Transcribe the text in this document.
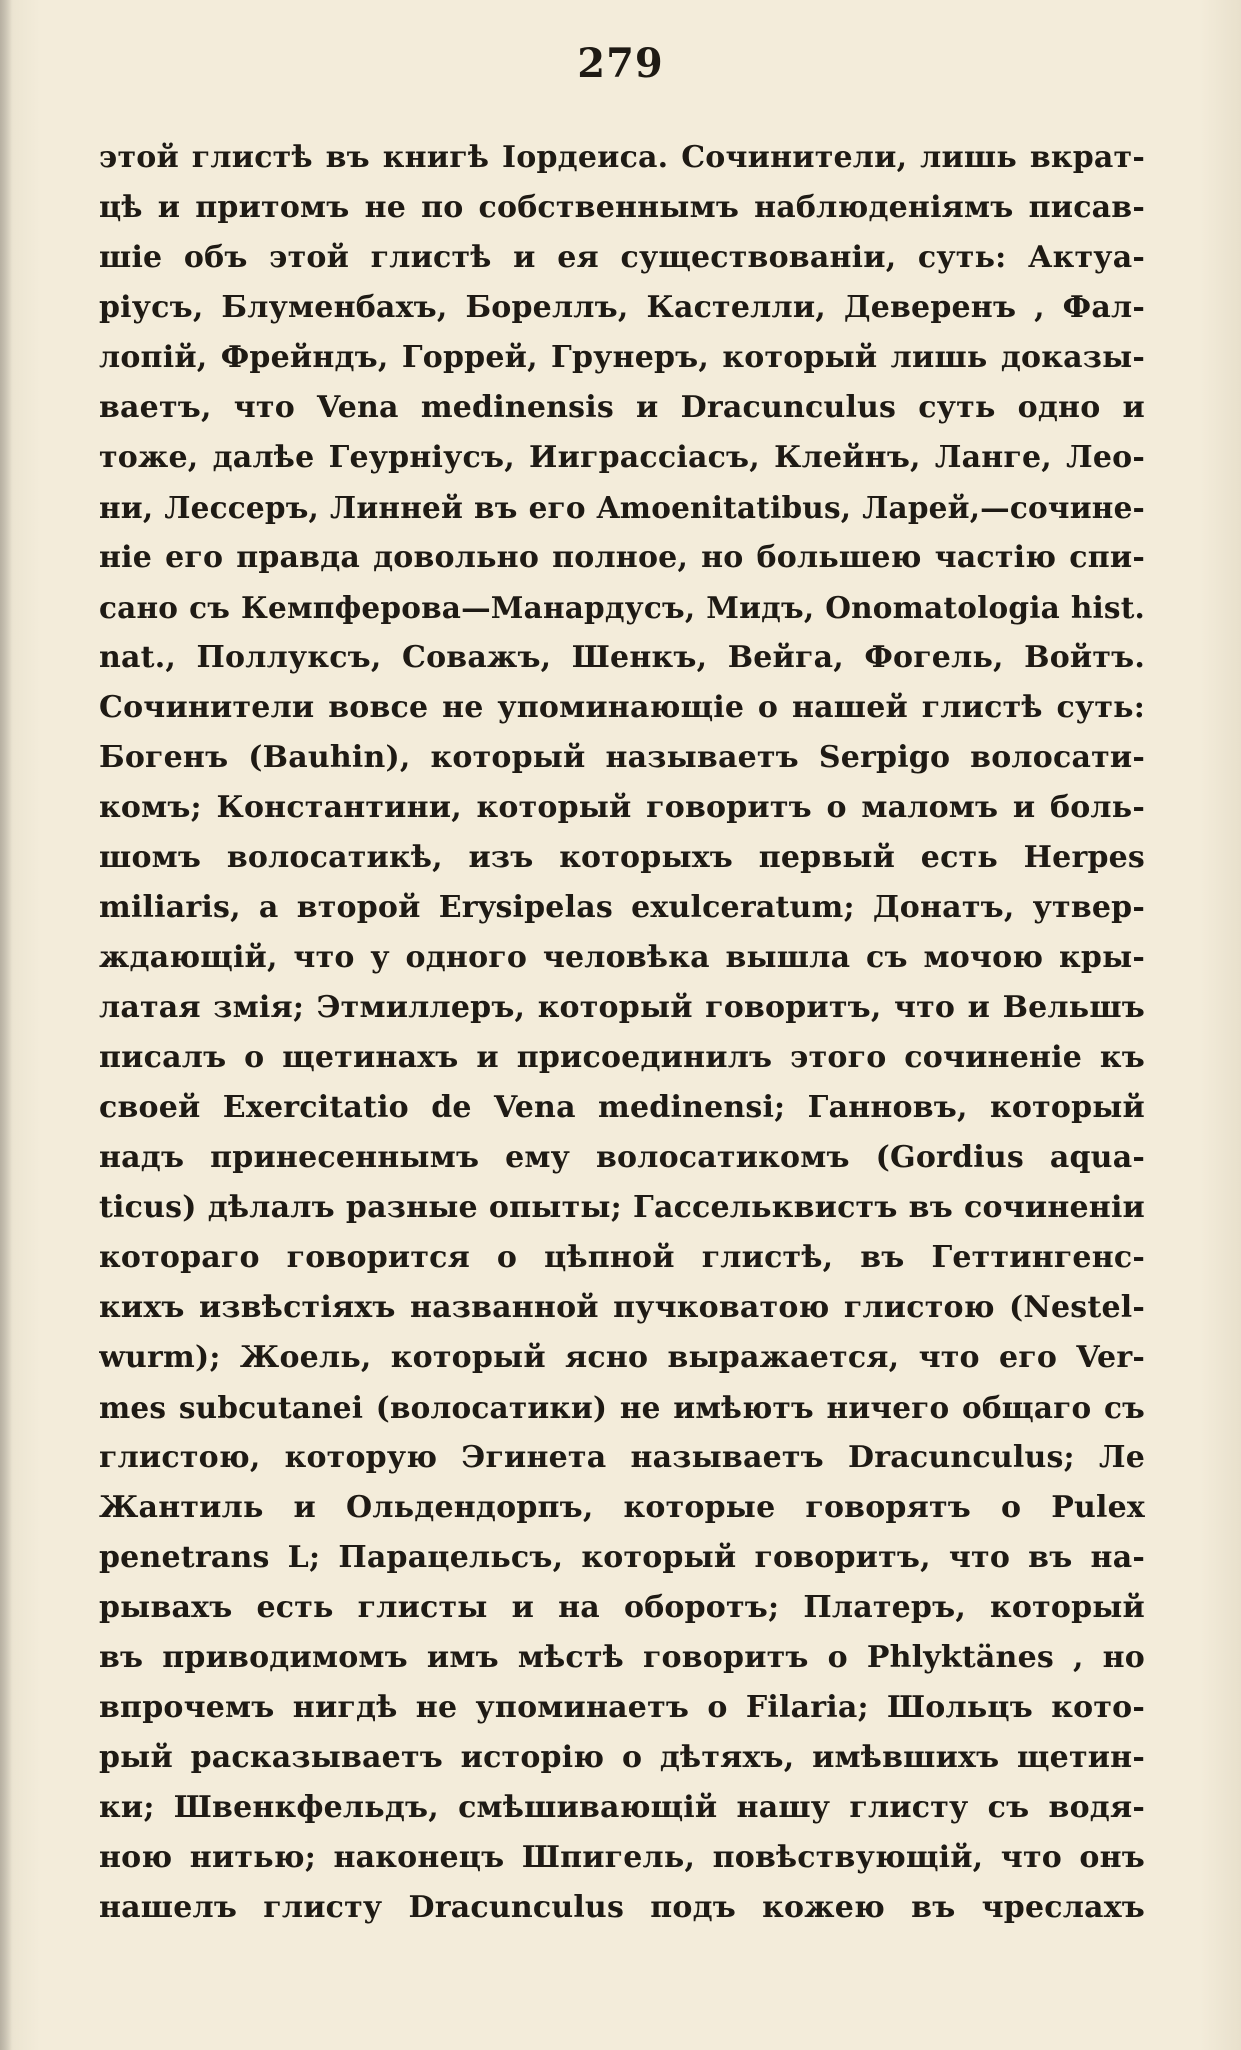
279
этой глистѣ въ книгѣ Іордеиса. Сочинители, лишь вкрат-
цѣ и притомъ не по собственнымъ наблюденіямъ писав-
шіе объ этой глистѣ и ея существованіи, суть: Актуа-
ріусъ, Блуменбахъ, Бореллъ, Кастелли, Деверенъ , Фал-
лопій, Фрейндъ, Горрей, Грунеръ, который лишь доказы-
ваетъ, что Vena medinensis и Dracunculus суть одно и
тоже, далѣе Геурніусъ, Ииграссіасъ, Клейнъ, Ланге, Лео-
ни, Лессеръ, Линней въ его Amoenitatibus, Ларей,—сочине-
ніе его правда довольно полное, но большею частію спи-
сано съ Кемпферова—Манардусъ, Мидъ, Onomatologia hist.
nat., Поллуксъ, Соважъ, Шенкъ, Вейга, Фогель, Войтъ.
Сочинители вовсе не упоминающіе о нашей глистѣ суть:
Богенъ (Bauhin), который называетъ Serpigo волосати-
комъ; Константини, который говоритъ о маломъ и боль-
шомъ волосатикѣ, изъ которыхъ первый есть Herpes
miliaris, а второй Erysipelas exulceratum; Донатъ, утвер-
ждающій, что у одного человѣка вышла съ мочою кры-
латая змія; Этмиллеръ, который говоритъ, что и Вельшъ
писалъ о щетинахъ и присоединилъ этого сочиненіе къ
своей Exercitatio de Vena medinensi; Ганновъ, который
надъ принесеннымъ ему волосатикомъ (Gordius aqua-
ticus) дѣлалъ разные опыты; Гассельквистъ въ сочиненіи
котораго говорится о цѣпной глистѣ, въ Геттингенс-
кихъ извѣстіяхъ названной пучковатою глистою (Nestel-
wurm); Жоель, который ясно выражается, что его Ver-
mes subcutanei (волосатики) не имѣютъ ничего общаго съ
глистою, которую Эгинета называетъ Dracunculus; Ле
Жантиль и Ольдендорпъ, которые говорятъ о Pulex
penetrans L; Парацельсъ, который говоритъ, что въ на-
рывахъ есть глисты и на оборотъ; Платеръ, который
въ приводимомъ имъ мѣстѣ говоритъ о Phlyktänes , но
впрочемъ нигдѣ не упоминаетъ о Filaria; Шольцъ кото-
рый расказываетъ исторію о дѣтяхъ, имѣвшихъ щетин-
ки; Швенкфельдъ, смѣшивающій нашу глисту съ водя-
ною нитью; наконецъ Шпигель, повѣствующій, что онъ
нашелъ глисту Dracunculus подъ кожею въ чреслахъ
